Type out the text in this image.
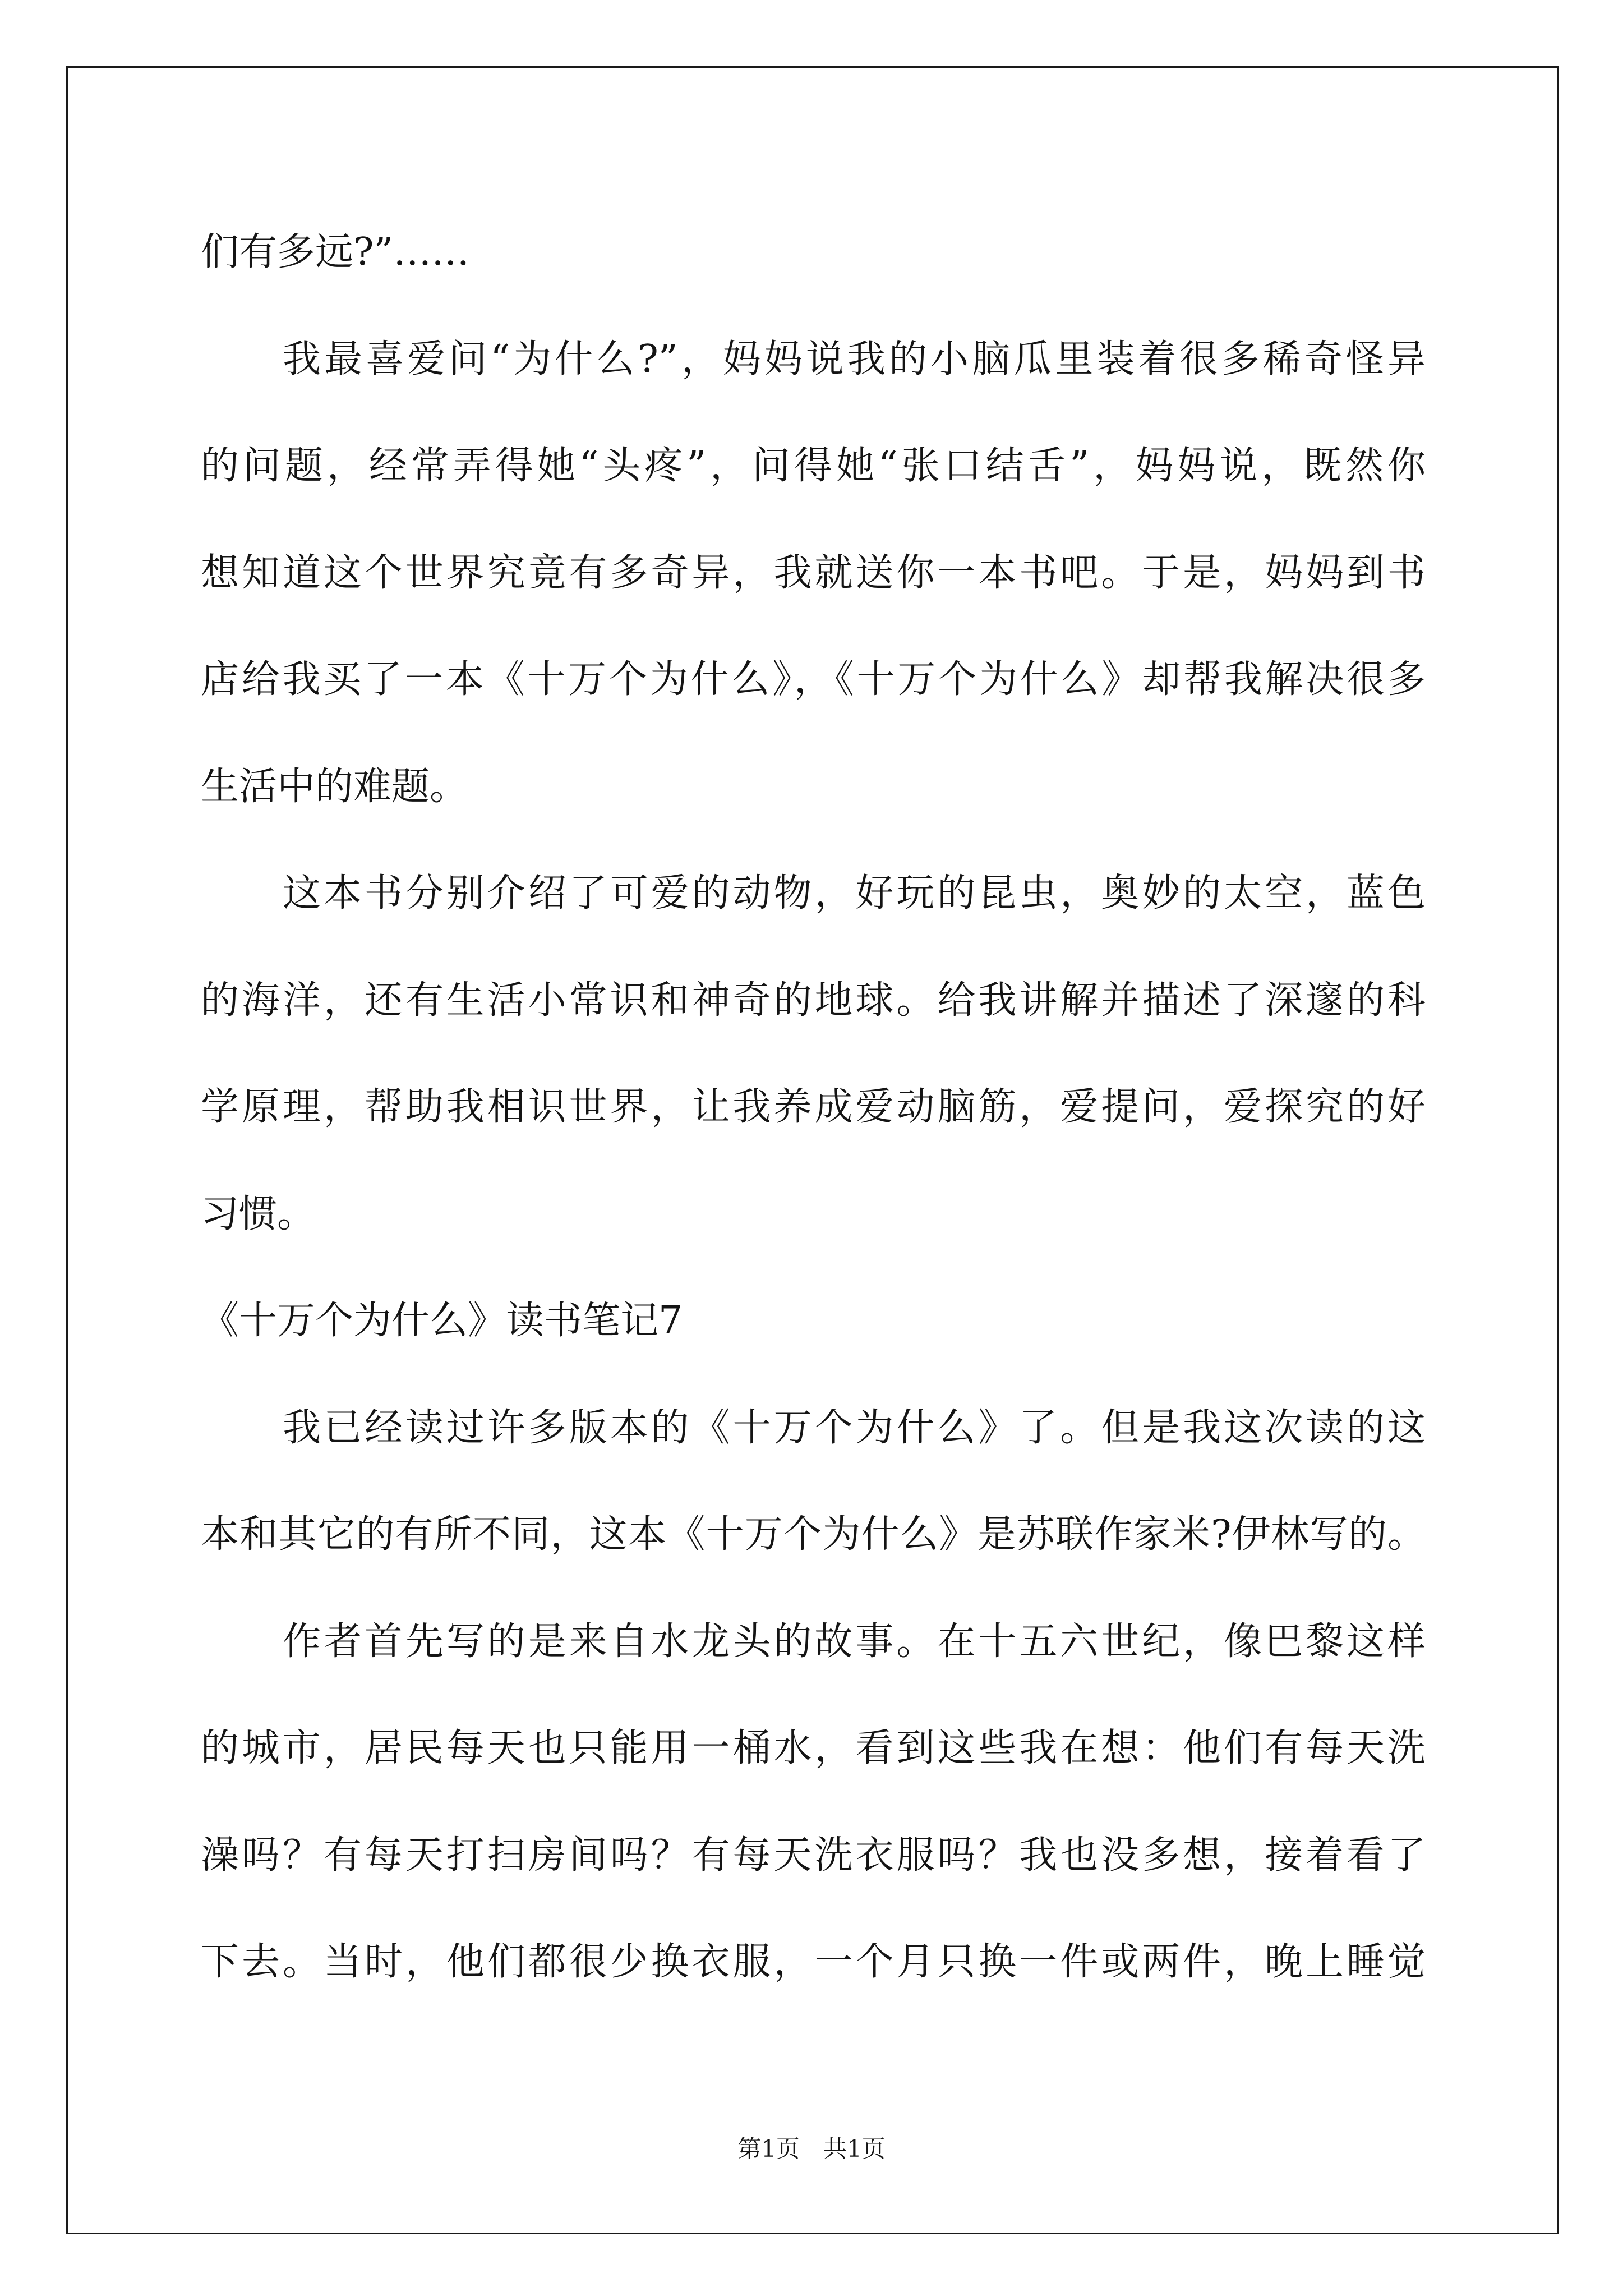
们有多远?”……
我最喜爱问“为什么?”，妈妈说我的小脑瓜里装着很多稀奇怪异
的问题，经常弄得她“头疼”，问得她“张口结舌”，妈妈说，既然你
想知道这个世界究竟有多奇异，我就送你一本书吧。于是，妈妈到书
店给我买了一本《十万个为什么》，《十万个为什么》却帮我解决很多
生活中的难题。
这本书分别介绍了可爱的动物，好玩的昆虫，奥妙的太空，蓝色
的海洋，还有生活小常识和神奇的地球。给我讲解并描述了深邃的科
学原理，帮助我相识世界，让我养成爱动脑筋，爱提问，爱探究的好
习惯。
《十万个为什么》读书笔记7
我已经读过许多版本的《十万个为什么》了。但是我这次读的这
本和其它的有所不同，这本《十万个为什么》是苏联作家米?伊林写的。
作者首先写的是来自水龙头的故事。在十五六世纪，像巴黎这样
的城市，居民每天也只能用一桶水，看到这些我在想：他们有每天洗
澡吗？有每天打扫房间吗？有每天洗衣服吗？我也没多想，接着看了
下去。当时，他们都很少换衣服，一个月只换一件或两件，晚上睡觉
第1页　共1页
